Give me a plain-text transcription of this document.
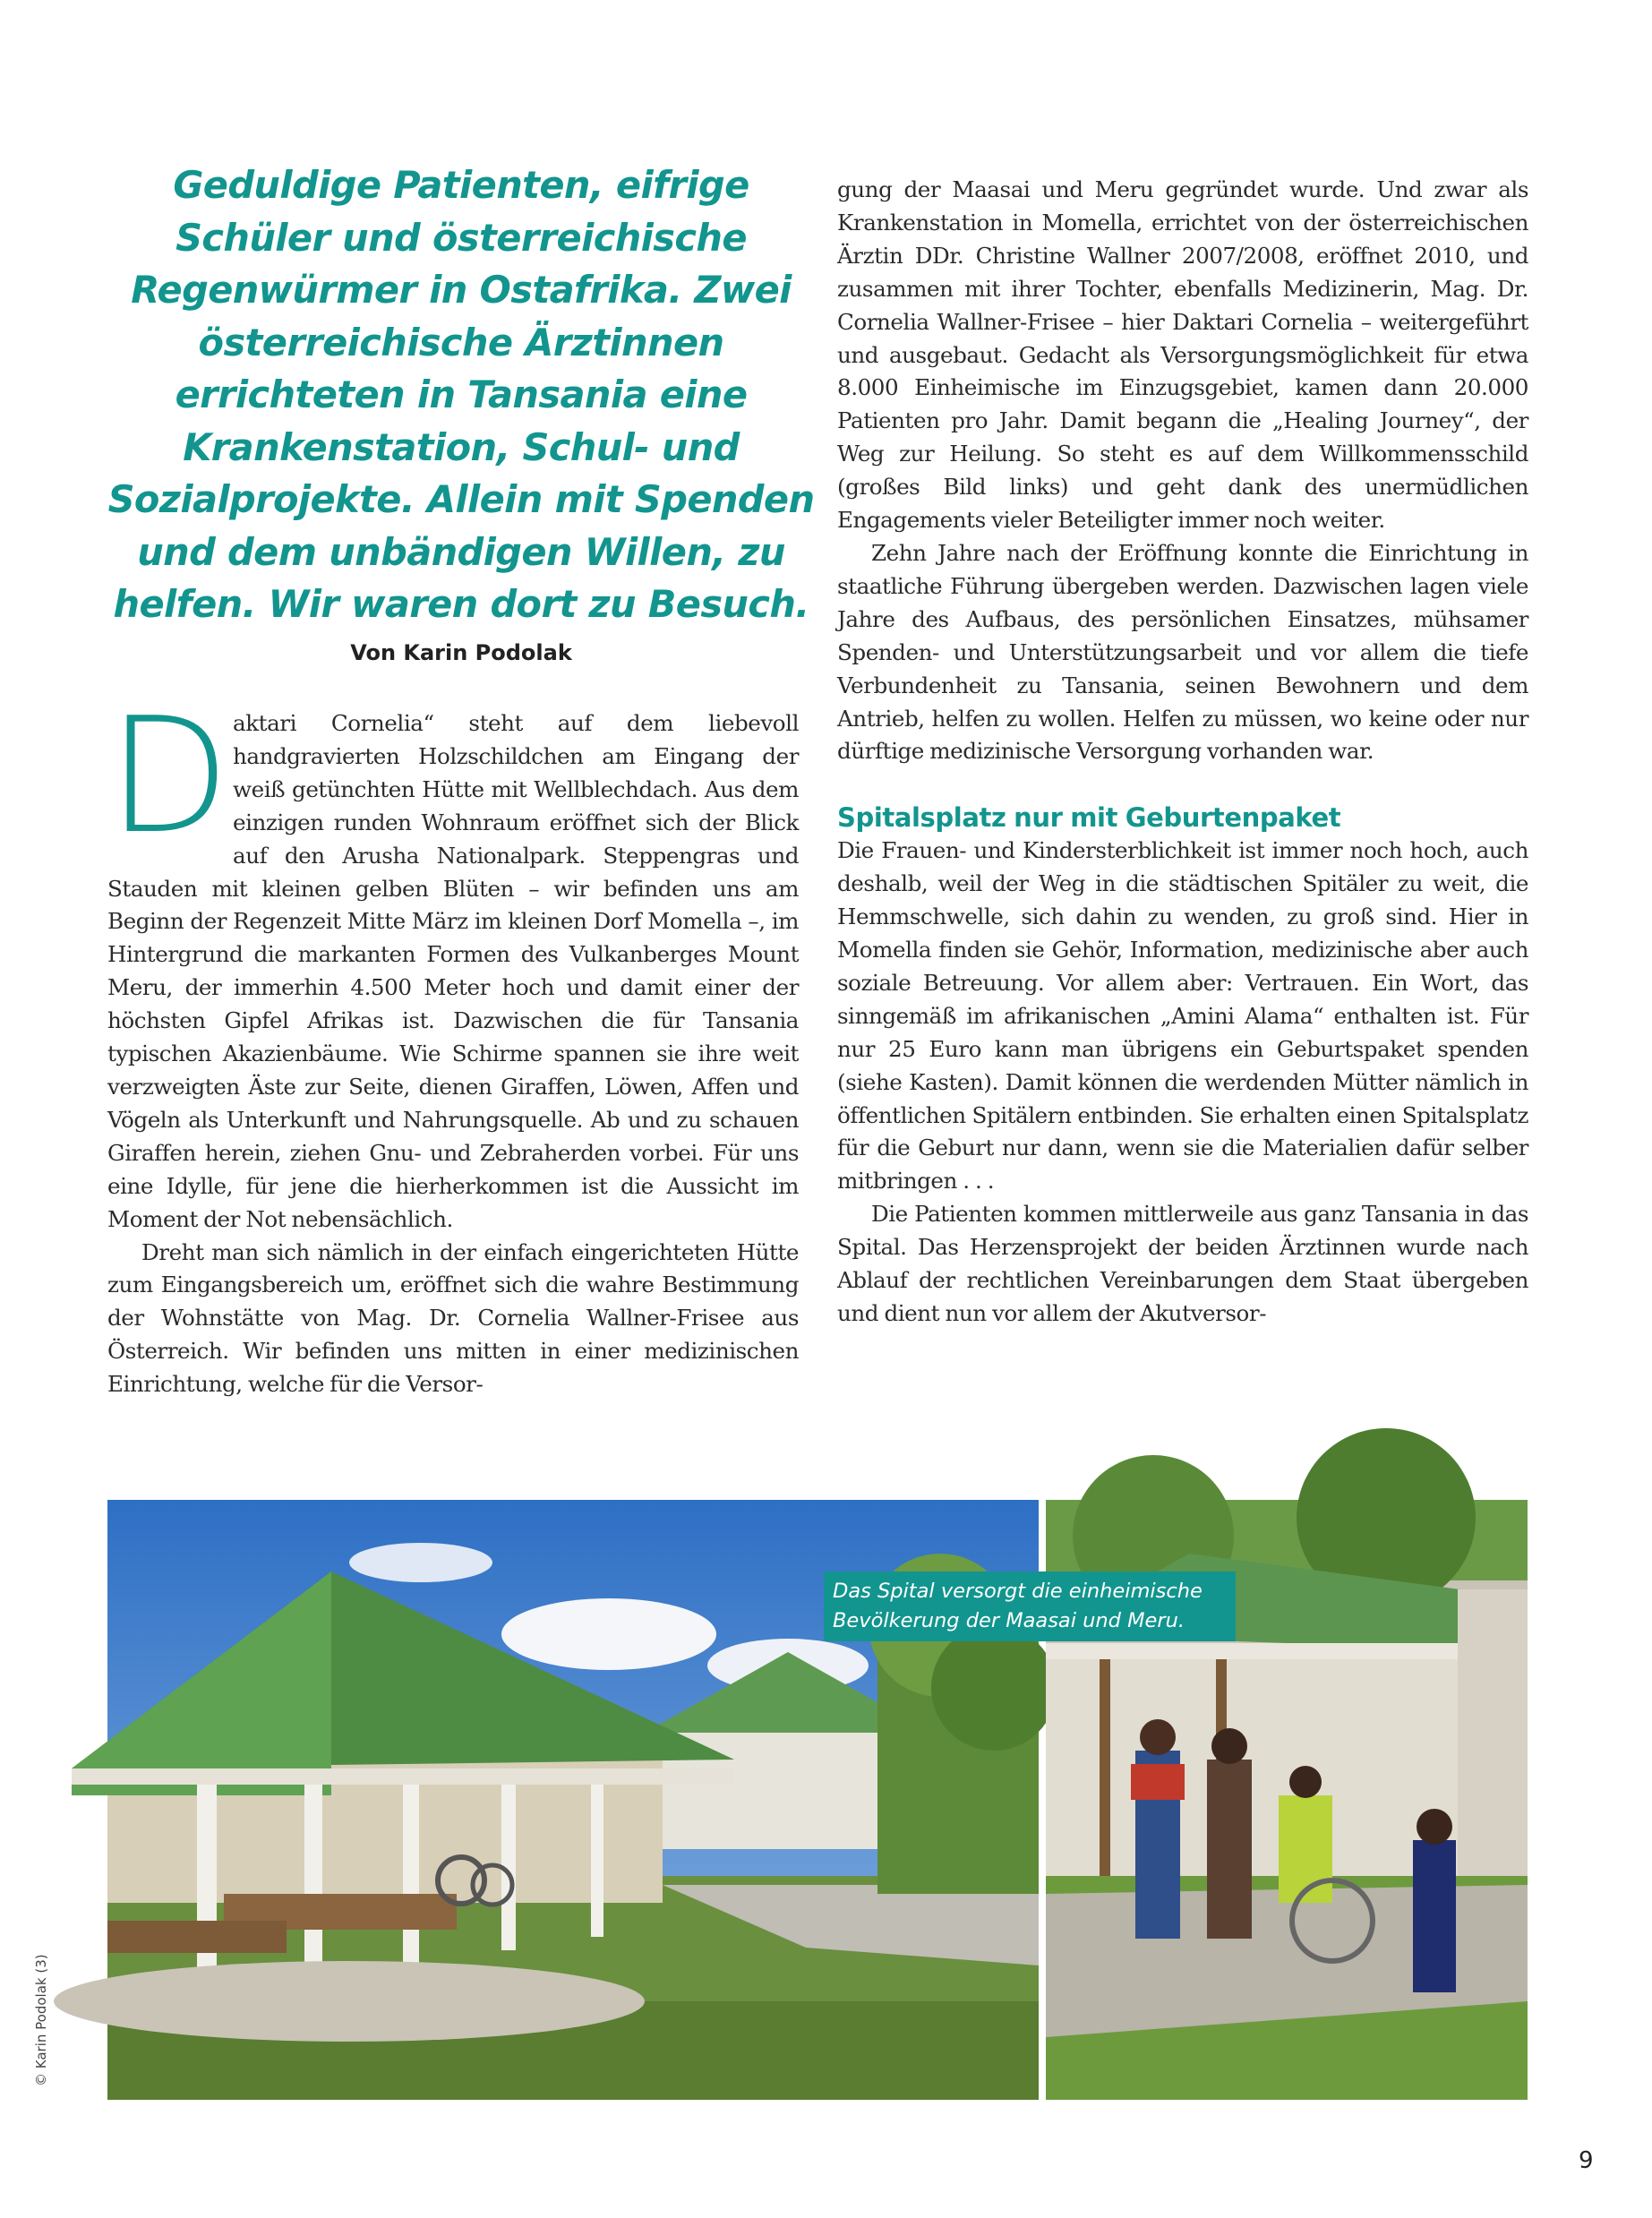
Geduldige Patienten, eifrige Schüler und österreichische Regenwürmer in Ostafrika. Zwei österreichische Ärztinnen errichteten in Tansania eine Krankenstation, Schul- und Sozialprojekte. Allein mit Spenden und dem unbändigen Willen, zu helfen. Wir waren dort zu Besuch.
Von Karin Podolak
D aktari Cornelia“ steht auf dem liebevoll handgravierten Holzschildchen am Eingang der weiß getünchten Hütte mit Wellblechdach. Aus dem einzigen runden Wohnraum eröffnet sich der Blick auf den Arusha Nationalpark. Steppengras und Stauden mit kleinen gelben Blüten – wir befinden uns am Beginn der Regenzeit Mitte März im kleinen Dorf Momella –, im Hintergrund die markanten Formen des Vulkanberges Mount Meru, der immerhin 4.500 Meter hoch und damit einer der höchsten Gipfel Afrikas ist. Dazwischen die für Tansania typischen Akazienbäume. Wie Schirme spannen sie ihre weit verzweigten Äste zur Seite, dienen Giraffen, Löwen, Affen und Vögeln als Unterkunft und Nahrungsquelle. Ab und zu schauen Giraffen herein, ziehen Gnu- und Zebraherden vorbei. Für uns eine Idylle, für jene die hierherkommen ist die Aussicht im Moment der Not nebensächlich.

Dreht man sich nämlich in der einfach eingerichteten Hütte zum Eingangsbereich um, eröffnet sich die wahre Bestimmung der Wohnstätte von Mag. Dr. Cornelia Wallner-Frisee aus Österreich. Wir befinden uns mitten in einer medizinischen Einrichtung, welche für die Versor-

gung der Maasai und Meru gegründet wurde. Und zwar als Krankenstation in Momella, errichtet von der österreichischen Ärztin DDr. Christine Wallner 2007/2008, eröffnet 2010, und zusammen mit ihrer Tochter, ebenfalls Medizinerin, Mag. Dr. Cornelia Wallner-Frisee – hier Daktari Cornelia – weitergeführt und ausgebaut. Gedacht als Versorgungsmöglichkeit für etwa 8.000 Einheimische im Einzugsgebiet, kamen dann 20.000 Patienten pro Jahr. Damit begann die „Healing Journey“, der Weg zur Heilung. So steht es auf dem Willkommensschild (großes Bild links) und geht dank des unermüdlichen Engagements vieler Beteiligter immer noch weiter.

Zehn Jahre nach der Eröffnung konnte die Einrichtung in staatliche Führung übergeben werden. Dazwischen lagen viele Jahre des Aufbaus, des persönlichen Einsatzes, mühsamer Spenden- und Unterstützungsarbeit und vor allem die tiefe Verbundenheit zu Tansania, seinen Bewohnern und dem Antrieb, helfen zu wollen. Helfen zu müssen, wo keine oder nur dürftige medizinische Versorgung vorhanden war.

Spitalsplatz nur mit Geburtenpaket

Die Frauen- und Kindersterblichkeit ist immer noch hoch, auch deshalb, weil der Weg in die städtischen Spitäler zu weit, die Hemmschwelle, sich dahin zu wenden, zu groß sind. Hier in Momella finden sie Gehör, Information, medizinische aber auch soziale Betreuung. Vor allem aber: Vertrauen. Ein Wort, das sinngemäß im afrikanischen „Amini Alama“ enthalten ist. Für nur 25 Euro kann man übrigens ein Geburtspaket spenden (siehe Kasten). Damit können die werdenden Mütter nämlich in öffentlichen Spitälern entbinden. Sie erhalten einen Spitalsplatz für die Geburt nur dann, wenn sie die Materialien dafür selber mitbringen . . .

Die Patienten kommen mittlerweile aus ganz Tansania in das Spital. Das Herzensprojekt der beiden Ärztinnen wurde nach Ablauf der rechtlichen Vereinbarungen dem Staat übergeben und dient nun vor allem der Akutversor-

Das Spital versorgt die einheimische Bevölkerung der Maasai und Meru.
© Karin Podolak (3)
9
